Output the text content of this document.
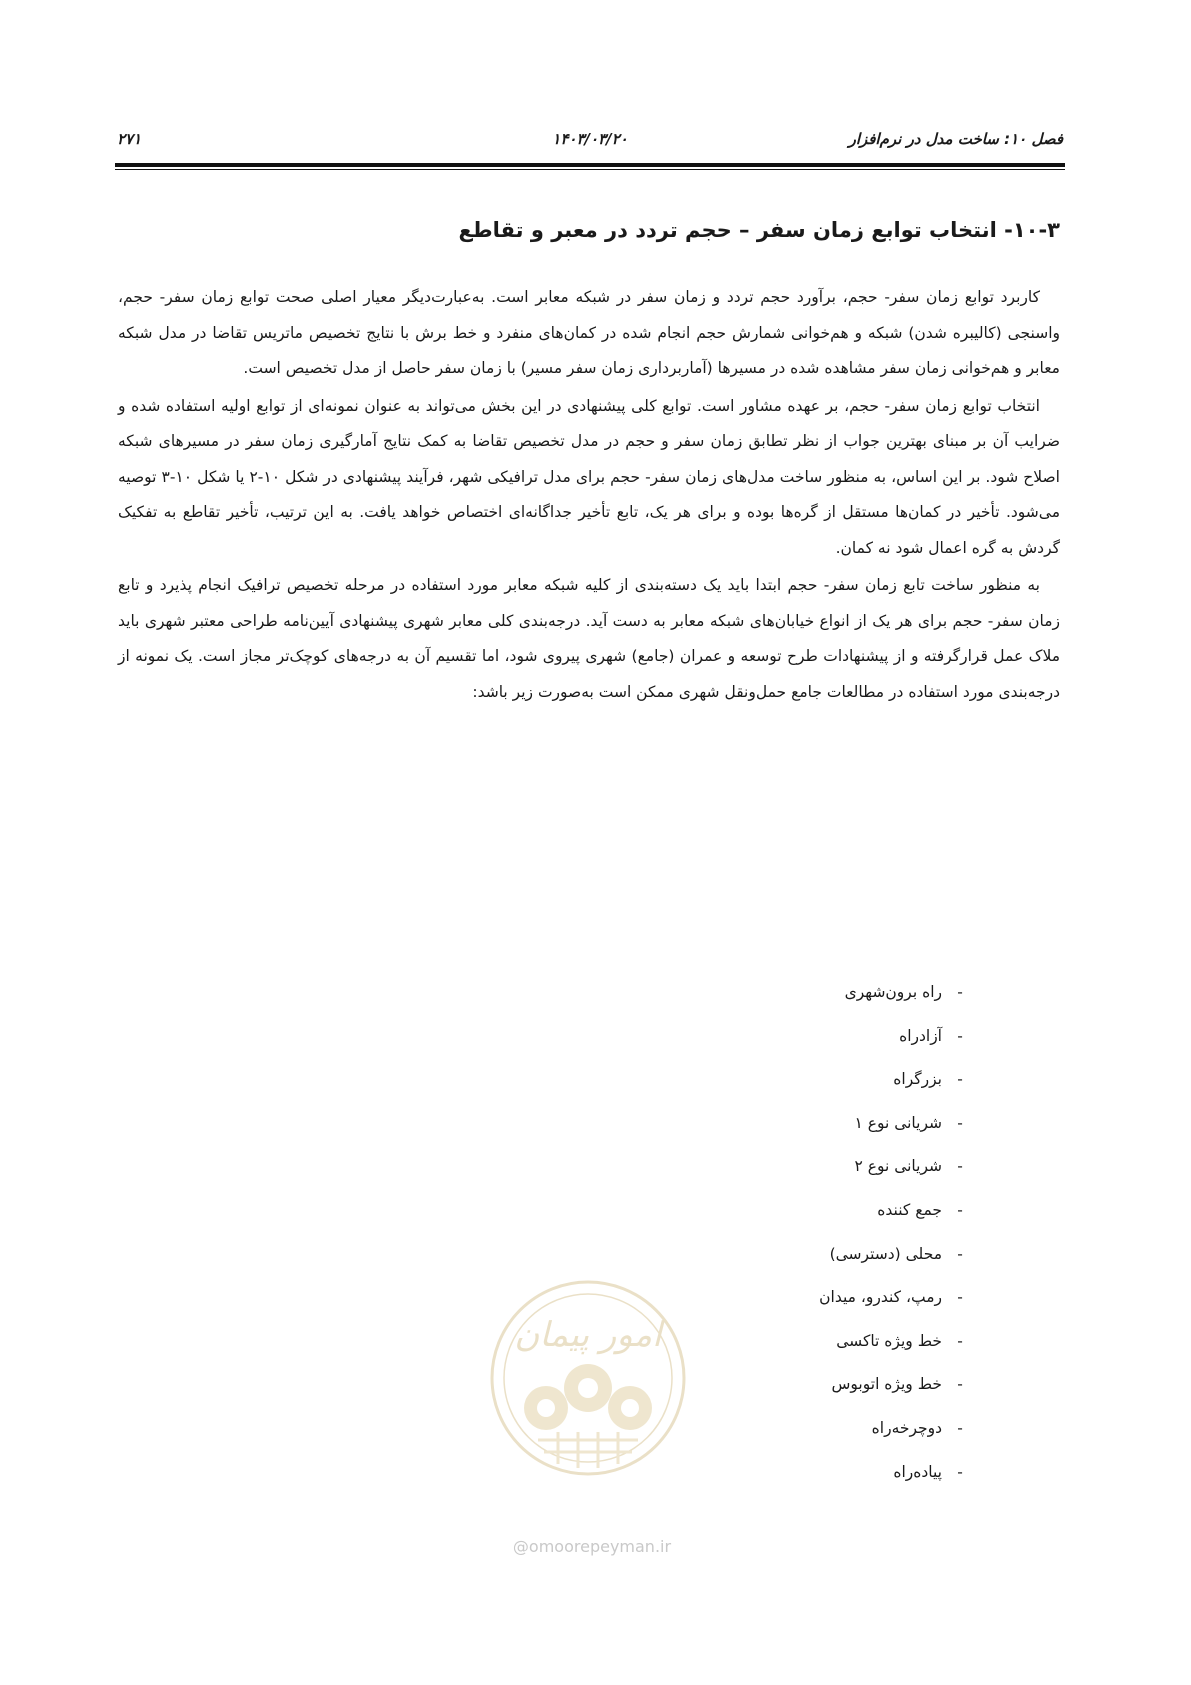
فصل ۱۰: ساخت مدل در نرم‌افزار
۱۴۰۳/۰۳/۲۰
۲۷۱
۱۰-۳- انتخاب توابع زمان سفر – حجم تردد در معبر و تقاطع

کاربرد توابع زمان سفر- حجم، برآورد حجم تردد و زمان سفر در شبکه معابر است. به‌عبارت‌دیگر معیار اصلی صحت توابع زمان سفر- حجم، واسنجی (کالیبره شدن) شبکه و هم‌خوانی شمارش حجم انجام شده در کمان‌های منفرد و خط برش با نتایج تخصیص ماتریس تقاضا در مدل شبکه معابر و هم‌خوانی زمان سفر مشاهده شده در مسیرها (آماربرداری زمان سفر مسیر) با زمان سفر حاصل از مدل تخصیص است.

انتخاب توابع زمان سفر- حجم، بر عهده مشاور است. توابع کلی پیشنهادی در این بخش می‌تواند به عنوان نمونه‌ای از توابع اولیه استفاده شده و ضرایب آن بر مبنای بهترین جواب از نظر تطابق زمان سفر و حجم در مدل تخصیص تقاضا به کمک نتایج آمارگیری زمان سفر در مسیرهای شبکه اصلاح شود. بر این اساس، به منظور ساخت مدل‌های زمان سفر- حجم برای مدل ترافیکی شهر، فرآیند پیشنهادی در شکل ۱۰-۲ یا شکل ۱۰-۳ توصیه می‌شود. تأخیر در کمان‌ها مستقل از گره‌ها بوده و برای هر یک، تابع تأخیر جداگانه‌ای اختصاص خواهد یافت. به این ترتیب، تأخیر تقاطع به تفکیک گردش به گره اعمال شود نه کمان.

به منظور ساخت تابع زمان سفر- حجم ابتدا باید یک دسته‌بندی از کلیه شبکه معابر مورد استفاده در مرحله تخصیص ترافیک انجام پذیرد و تابع زمان سفر- حجم برای هر یک از انواع خیابان‌های شبکه معابر به دست آید. درجه‌بندی کلی معابر شهری پیشنهادی آیین‌نامه طراحی معتبر شهری باید ملاک عمل قرارگرفته و از پیشنهادات طرح توسعه و عمران (جامع) شهری پیروی شود، اما تقسیم آن به درجه‌های کوچک‌تر مجاز است. یک نمونه از درجه‌بندی مورد استفاده در مطالعات جامع حمل‌ونقل شهری ممکن است به‌صورت زیر باشد:

-راه برون‌شهری
-آزادراه
-بزرگراه
-شریانی نوع ۱
-شریانی نوع ۲
-جمع کننده
-محلی (دسترسی)
-رمپ، کندرو، میدان
-خط ویژه تاکسی
-خط ویژه اتوبوس
-دوچرخه‌راه
-پیاده‌راه
امور پیمان
@omoorepeyman.ir
